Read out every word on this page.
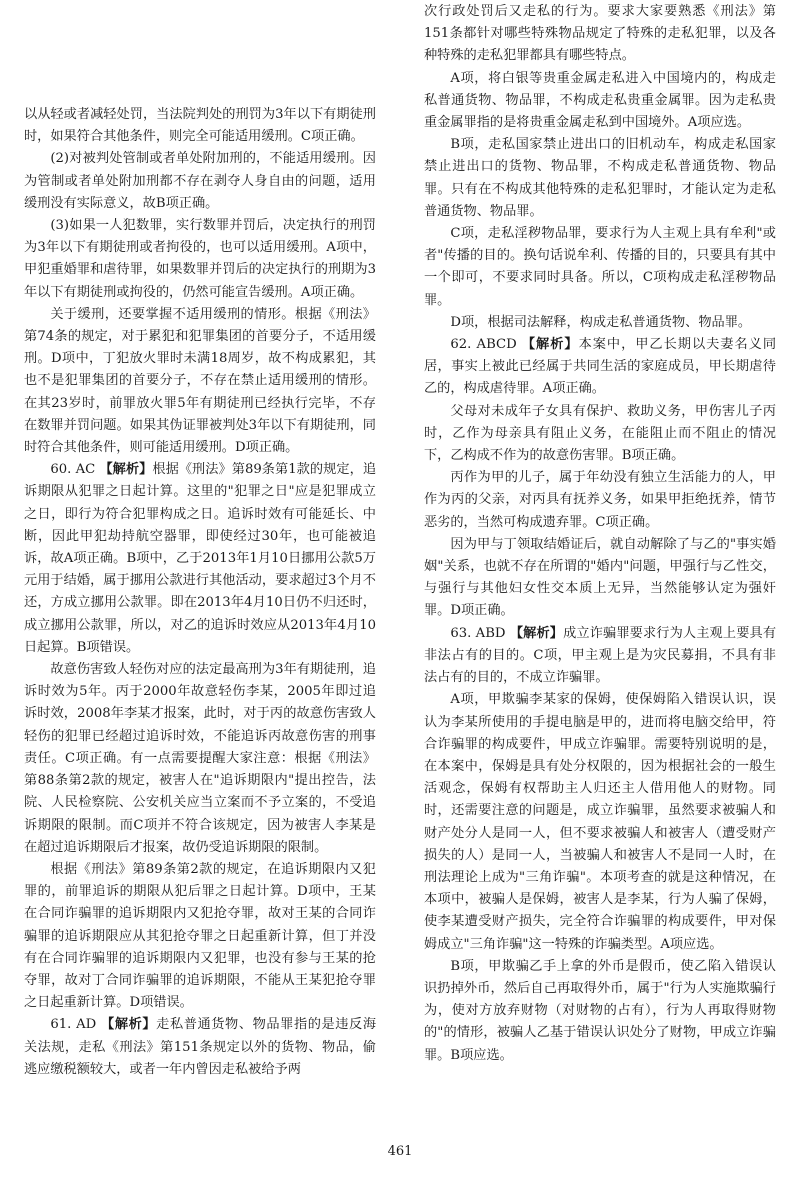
以从轻或者减轻处罚，当法院判处的刑罚为3年以下有期徒刑时，如果符合其他条件，则完全可能适用缓刑。C项正确。

(2)对被判处管制或者单处附加刑的，不能适用缓刑。因为管制或者单处附加刑都不存在剥夺人身自由的问题，适用缓刑没有实际意义，故B项正确。

(3)如果一人犯数罪，实行数罪并罚后，决定执行的刑罚为3年以下有期徒刑或者拘役的，也可以适用缓刑。A项中，甲犯重婚罪和虐待罪，如果数罪并罚后的决定执行的刑期为3年以下有期徒刑或拘役的，仍然可能宣告缓刑。A项正确。

关于缓刑，还要掌握不适用缓刑的情形。根据《刑法》第74条的规定，对于累犯和犯罪集团的首要分子，不适用缓刑。D项中，丁犯放火罪时未满18周岁，故不构成累犯，其也不是犯罪集团的首要分子，不存在禁止适用缓刑的情形。在其23岁时，前罪放火罪5年有期徒刑已经执行完毕，不存在数罪并罚问题。如果其伪证罪被判处3年以下有期徒刑，同时符合其他条件，则可能适用缓刑。D项正确。

60. AC 【解析】根据《刑法》第89条第1款的规定，追诉期限从犯罪之日起计算。这里的"犯罪之日"应是犯罪成立之日，即行为符合犯罪构成之日。追诉时效有可能延长、中断，因此甲犯劫持航空器罪，即使经过30年，也可能被追诉，故A项正确。B项中，乙于2013年1月10日挪用公款5万元用于结婚，属于挪用公款进行其他活动，要求超过3个月不还，方成立挪用公款罪。即在2013年4月10日仍不归还时，成立挪用公款罪，所以，对乙的追诉时效应从2013年4月10日起算。B项错误。

故意伤害致人轻伤对应的法定最高刑为3年有期徒刑，追诉时效为5年。丙于2000年故意轻伤李某，2005年即过追诉时效，2008年李某才报案，此时，对于丙的故意伤害致人轻伤的犯罪已经超过追诉时效，不能追诉丙故意伤害的刑事责任。C项正确。有一点需要提醒大家注意：根据《刑法》第88条第2款的规定，被害人在"追诉期限内"提出控告，法院、人民检察院、公安机关应当立案而不予立案的，不受追诉期限的限制。而C项并不符合该规定，因为被害人李某是在超过追诉期限后才报案，故仍受追诉期限的限制。

根据《刑法》第89条第2款的规定，在追诉期限内又犯罪的，前罪追诉的期限从犯后罪之日起计算。D项中，王某在合同诈骗罪的追诉期限内又犯抢夺罪，故对王某的合同诈骗罪的追诉期限应从其犯抢夺罪之日起重新计算，但丁并没有在合同诈骗罪的追诉期限内又犯罪，也没有参与王某的抢夺罪，故对丁合同诈骗罪的追诉期限，不能从王某犯抢夺罪之日起重新计算。D项错误。

61. AD 【解析】走私普通货物、物品罪指的是违反海关法规，走私《刑法》第151条规定以外的货物、物品，偷逃应缴税额较大，或者一年内曾因走私被给予两

次行政处罚后又走私的行为。要求大家要熟悉《刑法》第151条都针对哪些特殊物品规定了特殊的走私犯罪，以及各种特殊的走私犯罪都具有哪些特点。

A项，将白银等贵重金属走私进入中国境内的，构成走私普通货物、物品罪，不构成走私贵重金属罪。因为走私贵重金属罪指的是将贵重金属走私到中国境外。A项应选。

B项，走私国家禁止进出口的旧机动车，构成走私国家禁止进出口的货物、物品罪，不构成走私普通货物、物品罪。只有在不构成其他特殊的走私犯罪时，才能认定为走私普通货物、物品罪。

C项，走私淫秽物品罪，要求行为人主观上具有牟利"或者"传播的目的。换句话说牟利、传播的目的，只要具有其中一个即可，不要求同时具备。所以，C项构成走私淫秽物品罪。

D项，根据司法解释，构成走私普通货物、物品罪。

62. ABCD 【解析】本案中，甲乙长期以夫妻名义同居，事实上被此已经属于共同生活的家庭成员，甲长期虐待乙的，构成虐待罪。A项正确。

父母对未成年子女具有保护、救助义务，甲伤害儿子丙时，乙作为母亲具有阻止义务，在能阻止而不阻止的情况下，乙构成不作为的故意伤害罪。B项正确。

丙作为甲的儿子，属于年幼没有独立生活能力的人，甲作为丙的父亲，对丙具有抚养义务，如果甲拒绝抚养，情节恶劣的，当然可构成遗弃罪。C项正确。

因为甲与丁领取结婚证后，就自动解除了与乙的"事实婚姻"关系，也就不存在所谓的"婚内"问题，甲强行与乙性交，与强行与其他妇女性交本质上无异，当然能够认定为强奸罪。D项正确。

63. ABD 【解析】成立诈骗罪要求行为人主观上要具有非法占有的目的。C项，甲主观上是为灾民募捐，不具有非法占有的目的，不成立诈骗罪。

A项，甲欺骗李某家的保姆，使保姆陷入错误认识，误认为李某所使用的手提电脑是甲的，进而将电脑交给甲，符合诈骗罪的构成要件，甲成立诈骗罪。需要特别说明的是，在本案中，保姆是具有处分权限的，因为根据社会的一般生活观念，保姆有权帮助主人归还主人借用他人的财物。同时，还需要注意的问题是，成立诈骗罪，虽然要求被骗人和财产处分人是同一人，但不要求被骗人和被害人（遭受财产损失的人）是同一人，当被骗人和被害人不是同一人时，在刑法理论上成为"三角诈骗"。本项考查的就是这种情况，在本项中，被骗人是保姆，被害人是李某，行为人骗了保姆，使李某遭受财产损失，完全符合诈骗罪的构成要件，甲对保姆成立"三角诈骗"这一特殊的诈骗类型。A项应选。

B项，甲欺骗乙手上拿的外币是假币，使乙陷入错误认识扔掉外币，然后自己再取得外币，属于"行为人实施欺骗行为，使对方放弃财物（对财物的占有），行为人再取得财物的"的情形，被骗人乙基于错误认识处分了财物，甲成立诈骗罪。B项应选。

461
